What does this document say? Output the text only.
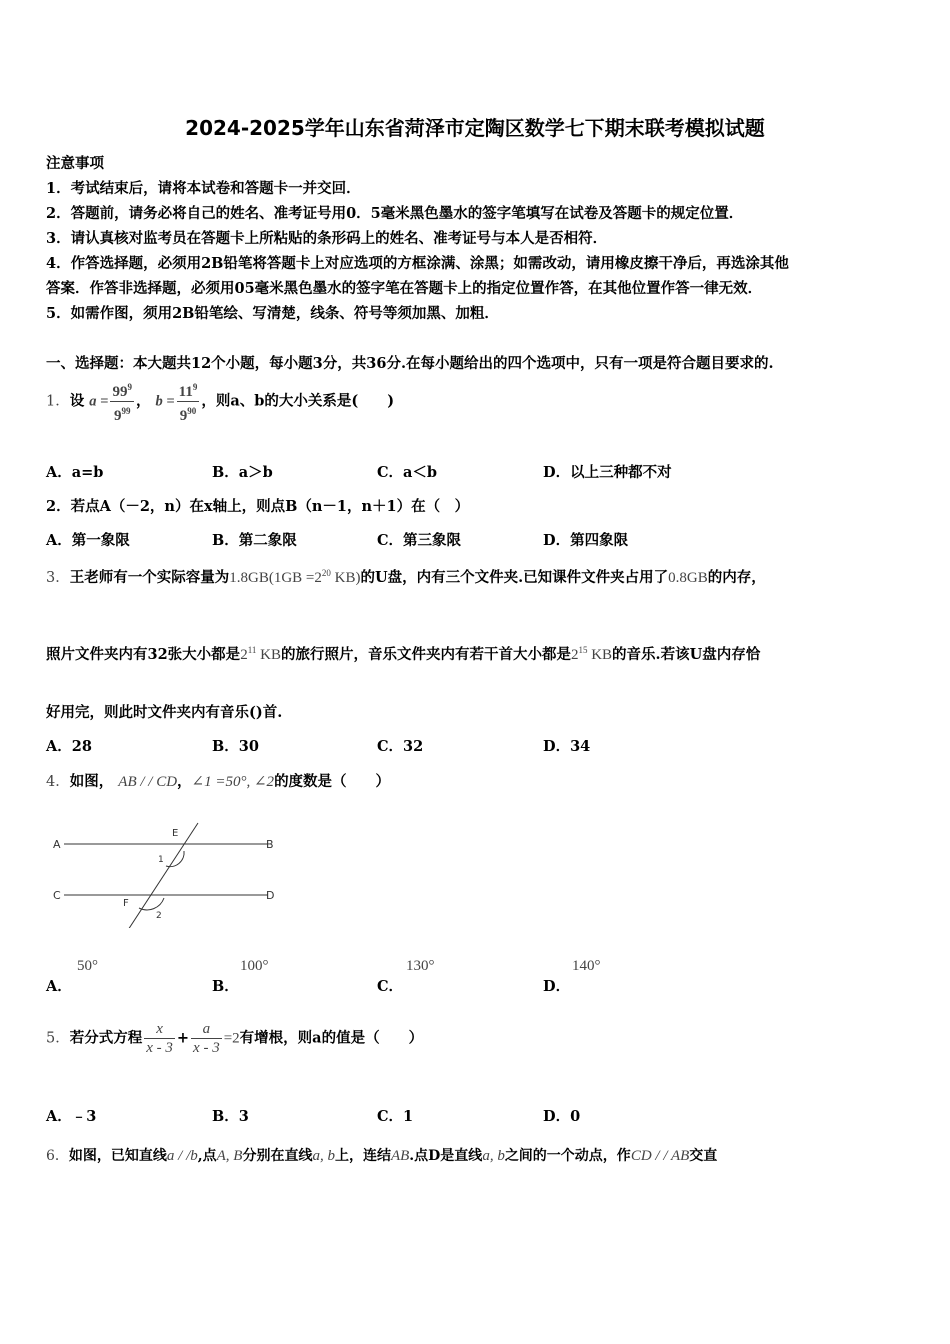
2024-2025学年山东省菏泽市定陶区数学七下期末联考模拟试题
注意事项
1．考试结束后，请将本试卷和答题卡一并交回．
2．答题前，请务必将自己的姓名、准考证号用0．5毫米黑色墨水的签字笔填写在试卷及答题卡的规定位置．
3．请认真核对监考员在答题卡上所粘贴的条形码上的姓名、准考证号与本人是否相符．
4．作答选择题，必须用2B铅笔将答题卡上对应选项的方框涂满、涂黑；如需改动，请用橡皮擦干净后，再选涂其他
答案．作答非选择题，必须用05毫米黑色墨水的签字笔在答题卡上的指定位置作答，在其他位置作答一律无效．
5．如需作图，须用2B铅笔绘、写清楚，线条、符号等须加黑、加粗．
一、选择题：本大题共12个小题，每小题3分，共36分.在每小题给出的四个选项中，只有一项是符合题目要求的.
1．设 $a = \frac{99^9}{9^{99}}$ ， $b = \frac{11^9}{9^{90}}$ ，则a、b的大小关系是(　　)
A．a=b	B．a＞b	C．a＜b	D．以上三种都不对
2．若点A（－2，n）在x轴上，则点B（n－1，n＋1）在（　）
A．第一象限	B．第二象限	C．第三象限	D．第四象限
3．王老师有一个实际容量为$1.8GB(1GB =2^{20}$ KB)的U盘，内有三个文件夹.已知课件文件夹占用了0.8GB的内存，
照片文件夹内有32张大小都是$2^{11}$ KB的旅行照片，音乐文件夹内有若干首大小都是$2^{15}$ KB的音乐.若该U盘内存恰
好用完，则此时文件夹内有音乐()首.
A．28	B．30	C．32	D．34
4．如图， AB / / CD，∠1 =50°, ∠2的度数是（　　）
A	B
C	D
E
F
1
2
A．
50°
B．
100°
C．
130°
D．
140°
5．若分式方程 $\frac{x}{x - 3} + \frac{a}{x - 3} =2$有增根，则a的值是（　　）
A．﹣3	B．3	C．1	D．0
6．如图，已知直线a / /b,点A, B分别在直线a, b上，连结AB.点D是直线a, b之间的一个动点，作CD / / AB交直
